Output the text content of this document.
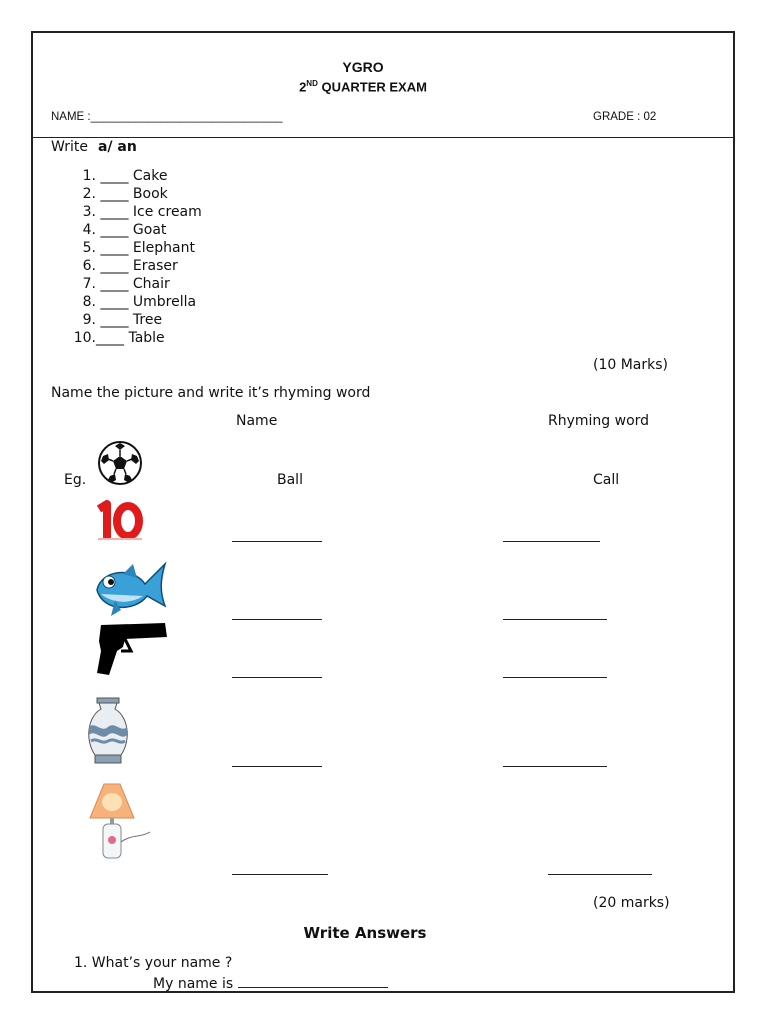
YGRO
2ND QUARTER EXAM
NAME :______________________________	GRADE : 02
Write a/ an
1. ____ Cake
2. ____ Book
3. ____ Ice cream
4. ____ Goat
5. ____ Elephant
6. ____ Eraser
7. ____ Chair
8. ____ Umbrella
9. ____ Tree
10.____ Table
(10 Marks)
Name the picture and write it’s rhyming word
Name	Rhyming word
Eg.	Ball	Call
(20 marks)
Write Answers
1. What’s your name ?
My name is
